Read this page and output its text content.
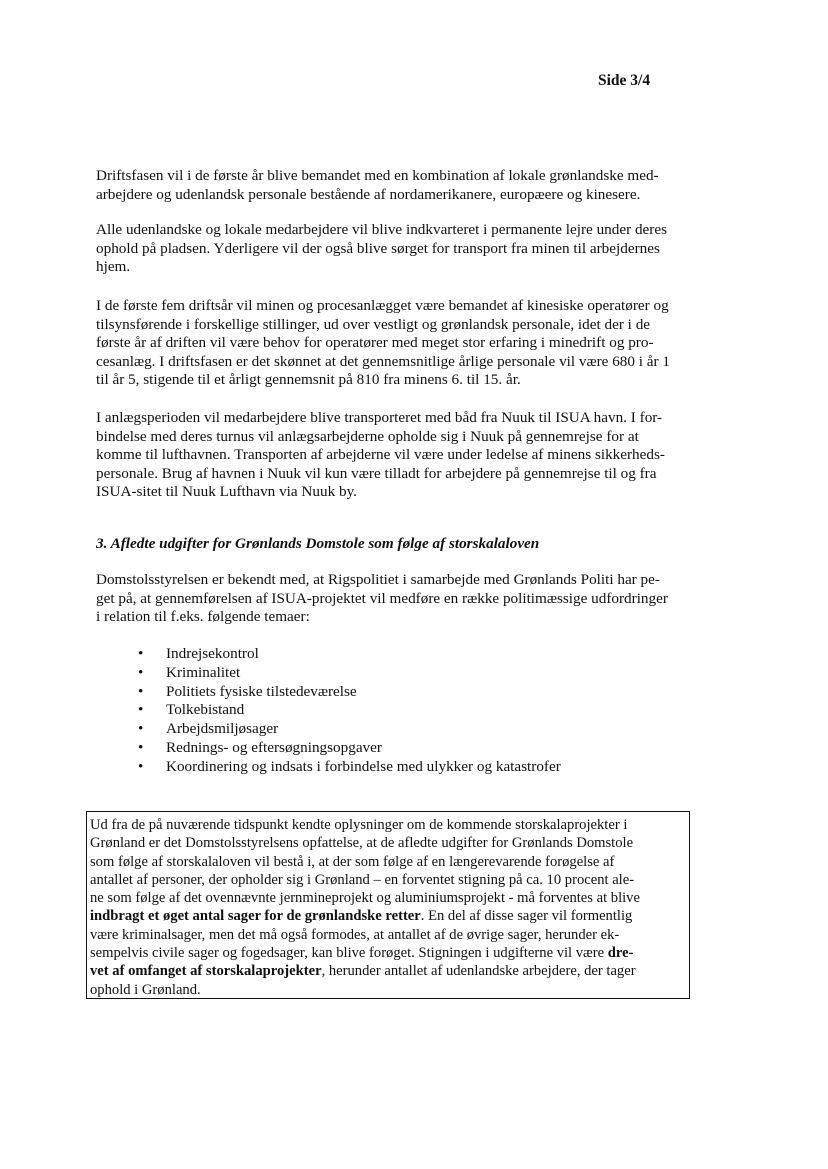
Side 3/4

Driftsfasen vil i de første år blive bemandet med en kombination af lokale grønlandske med-
arbejdere og udenlandsk personale bestående af nordamerikanere, europæere og kinesere.

Alle udenlandske og lokale medarbejdere vil blive indkvarteret i permanente lejre under deres
ophold på pladsen. Yderligere vil der også blive sørget for transport fra minen til arbejdernes
hjem.

I de første fem driftsår vil minen og procesanlægget være bemandet af kinesiske operatører og
tilsynsførende i forskellige stillinger, ud over vestligt og grønlandsk personale, idet der i de
første år af driften vil være behov for operatører med meget stor erfaring i minedrift og pro-
cesanlæg. I driftsfasen er det skønnet at det gennemsnitlige årlige personale vil være 680 i år 1
til år 5, stigende til et årligt gennemsnit på 810 fra minens 6. til 15. år.

I anlægsperioden vil medarbejdere blive transporteret med båd fra Nuuk til ISUA havn. I for-
bindelse med deres turnus vil anlægsarbejderne opholde sig i Nuuk på gennemrejse for at
komme til lufthavnen. Transporten af arbejderne vil være under ledelse af minens sikkerheds-
personale. Brug af havnen i Nuuk vil kun være tilladt for arbejdere på gennemrejse til og fra
ISUA-sitet til Nuuk Lufthavn via Nuuk by.

3. Afledte udgifter for Grønlands Domstole som følge af storskalaloven

Domstolsstyrelsen er bekendt med, at Rigspolitiet i samarbejde med Grønlands Politi har pe-
get på, at gennemførelsen af ISUA-projektet vil medføre en række politimæssige udfordringer
i relation til f.eks. følgende temaer:

• Indrejsekontrol
• Kriminalitet
• Politiets fysiske tilstedeværelse
• Tolkebistand
• Arbejdsmiljøsager
• Rednings- og eftersøgningsopgaver
• Koordinering og indsats i forbindelse med ulykker og katastrofer
Ud fra de på nuværende tidspunkt kendte oplysninger om de kommende storskalaprojekter i
Grønland er det Domstolsstyrelsens opfattelse, at de afledte udgifter for Grønlands Domstole
som følge af storskalaloven vil bestå i, at der som følge af en længerevarende forøgelse af
antallet af personer, der opholder sig i Grønland – en forventet stigning på ca. 10 procent ale-
ne som følge af det ovennævnte jernmineprojekt og aluminiumsprojekt - må forventes at blive
indbragt et øget antal sager for de grønlandske retter. En del af disse sager vil formentlig
være kriminalsager, men det må også formodes, at antallet af de øvrige sager, herunder ek-
sempelvis civile sager og fogedsager, kan blive forøget. Stigningen i udgifterne vil være dre-
vet af omfanget af storskalaprojekter, herunder antallet af udenlandske arbejdere, der tager
ophold i Grønland.
